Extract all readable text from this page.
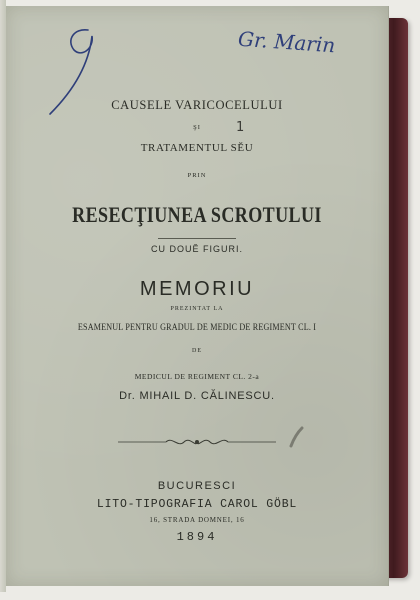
Gr. Marin
1
CAUSELE VARICOCELULUI
ŞI
TRATAMENTUL SĔU
PRIN
RESECŢIUNEA SCROTULUI
CU DOUĔ FIGURI.
MEMORIU
PREZINTAT LA
ESAMENUL PENTRU GRADUL DE MEDIC DE REGIMENT CL. I
DE
MEDICUL DE REGIMENT CL. 2-a
Dr. MIHAIL D. CĂLINESCU.
BUCURESCI
LITO-TIPOGRAFIA CAROL GÖBL
16, STRADA DOMNEI, 16
1894
